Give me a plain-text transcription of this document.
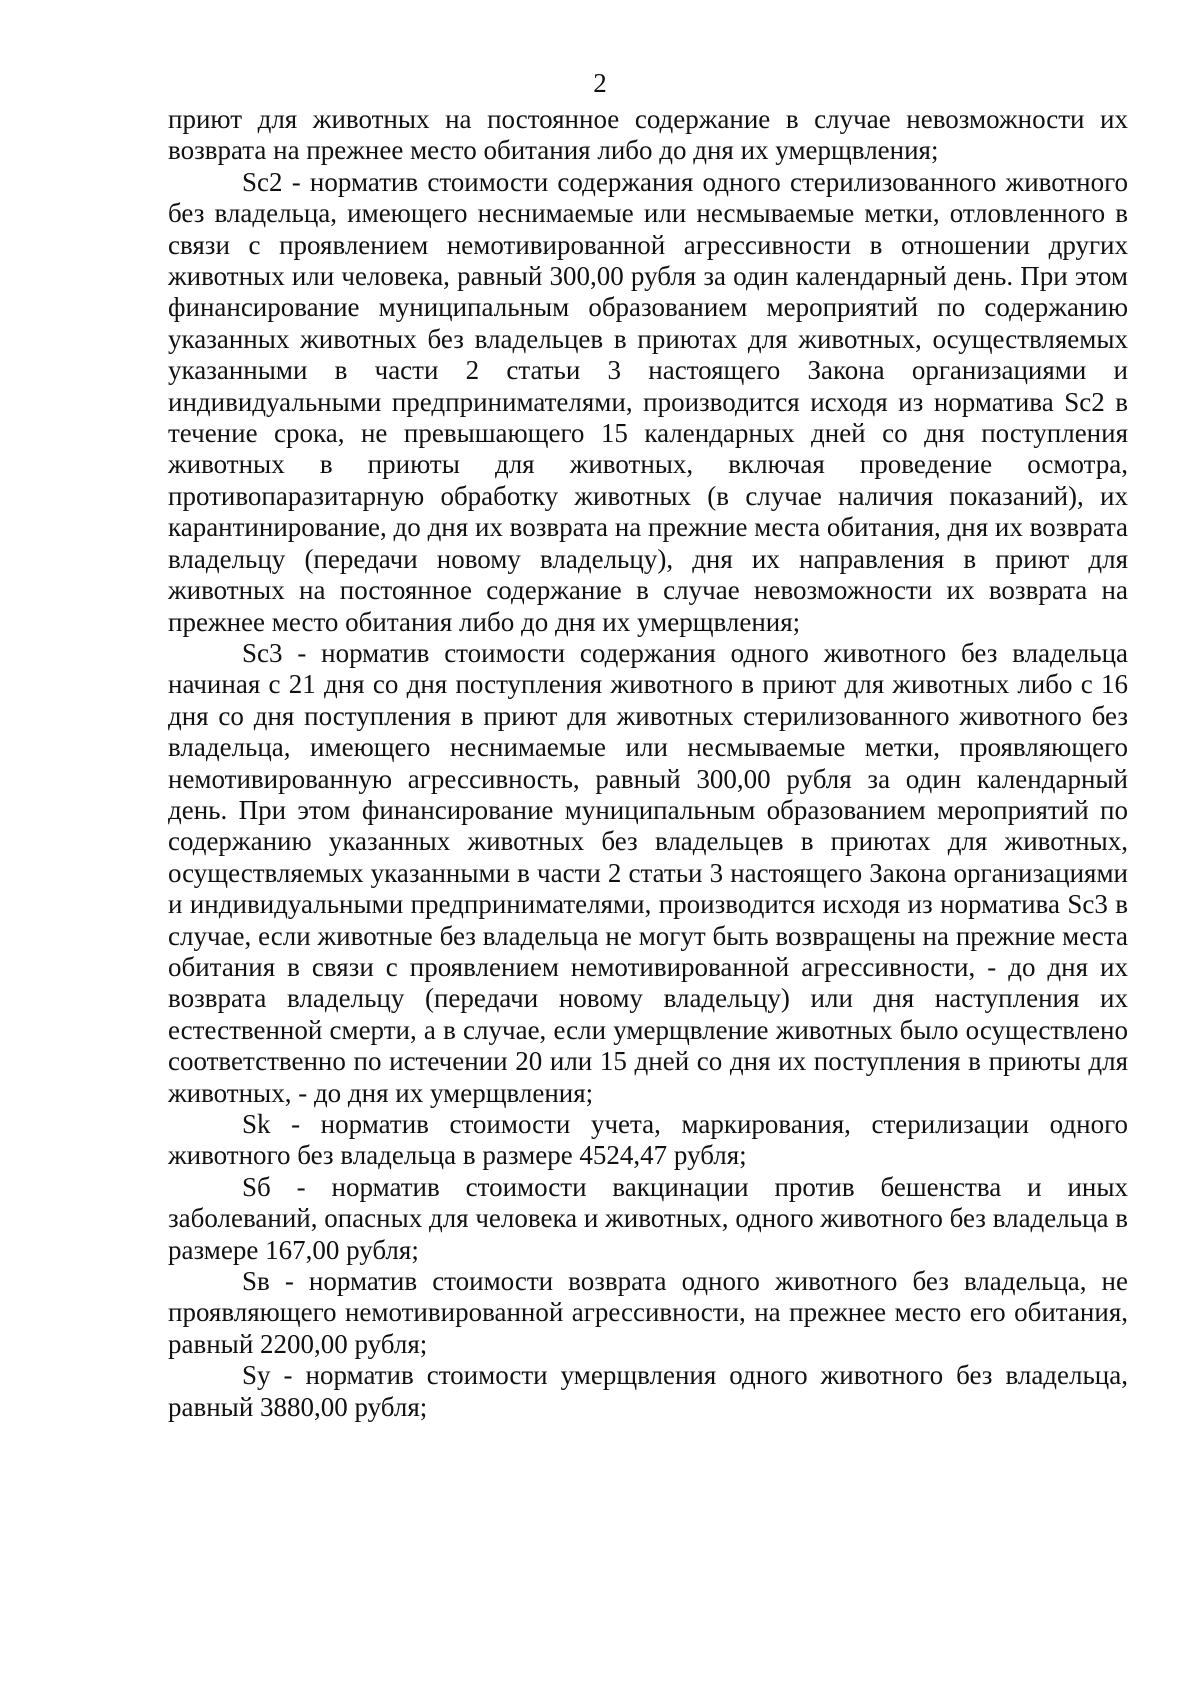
2

приют для животных на постоянное содержание в случае невозможности их возврата на прежнее место обитания либо до дня их умерщвления;

Sc2 - норматив стоимости содержания одного стерилизованного животного без владельца, имеющего неснимаемые или несмываемые метки, отловленного в связи с проявлением немотивированной агрессивности в отношении других животных или человека, равный 300,00 рубля за один календарный день. При этом финансирование муниципальным образованием мероприятий по содержанию указанных животных без владельцев в приютах для животных, осуществляемых указанными в части 2 статьи 3 настоящего Закона организациями и индивидуальными предпринимателями, производится исходя из норматива Sc2 в течение срока, не превышающего 15 календарных дней со дня поступления животных в приюты для животных, включая проведение осмотра, противопаразитарную обработку животных (в случае наличия показаний), их карантинирование, до дня их возврата на прежние места обитания, дня их возврата владельцу (передачи новому владельцу), дня их направления в приют для животных на постоянное содержание в случае невозможности их возврата на прежнее место обитания либо до дня их умерщвления;

Sc3 - норматив стоимости содержания одного животного без владельца начиная с 21 дня со дня поступления животного в приют для животных либо с 16 дня со дня поступления в приют для животных стерилизованного животного без владельца, имеющего неснимаемые или несмываемые метки, проявляющего немотивированную агрессивность, равный 300,00 рубля за один календарный день. При этом финансирование муниципальным образованием мероприятий по содержанию указанных животных без владельцев в приютах для животных, осуществляемых указанными в части 2 статьи 3 настоящего Закона организациями и индивидуальными предпринимателями, производится исходя из норматива Sc3 в случае, если животные без владельца не могут быть возвращены на прежние места обитания в связи с проявлением немотивированной агрессивности, - до дня их возврата владельцу (передачи новому владельцу) или дня наступления их естественной смерти, а в случае, если умерщвление животных было осуществлено соответственно по истечении 20 или 15 дней со дня их поступления в приюты для животных, - до дня их умерщвления;

Sk - норматив стоимости учета, маркирования, стерилизации одного животного без владельца в размере 4524,47 рубля;

Sб - норматив стоимости вакцинации против бешенства и иных заболеваний, опасных для человека и животных, одного животного без владельца в размере 167,00 рубля;

Sв - норматив стоимости возврата одного животного без владельца, не проявляющего немотивированной агрессивности, на прежнее место его обитания, равный 2200,00 рубля;

Sy - норматив стоимости умерщвления одного животного без владельца, равный 3880,00 рубля;
